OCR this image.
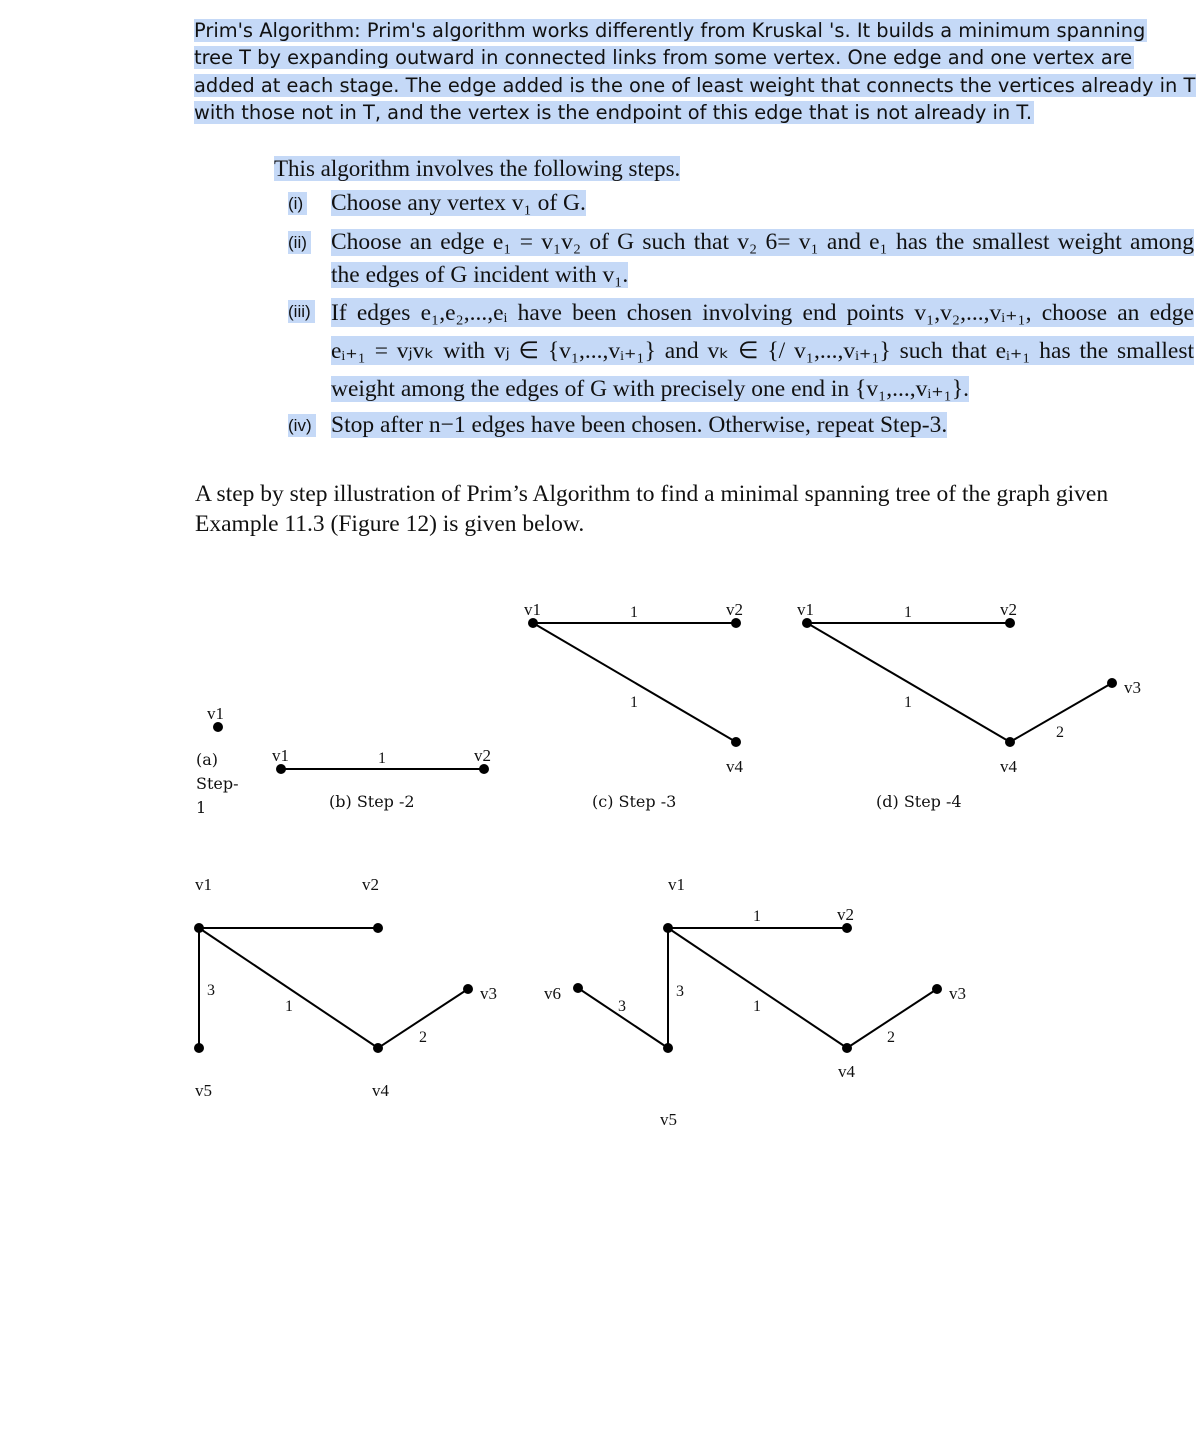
Prim's Algorithm: Prim's algorithm works differently from Kruskal 's. It builds a minimum spanning
tree T by expanding outward in connected links from some vertex. One edge and one vertex are
added at each stage. The edge added is the one of least weight that connects the vertices already in T
with those not in T, and the vertex is the endpoint of this edge that is not already in T.
This algorithm involves the following steps.
(i) Choose any vertex v₁ of G.
(ii) Choose an edge e₁ = v₁v₂ of G such that v₂ 6= v₁ and e₁ has the smallest weight among
the edges of G incident with v₁.
(iii) If edges e₁,e₂,...,eᵢ have been chosen involving end points v₁,v₂,...,vᵢ₊₁, choose an edge
eᵢ₊₁ = vⱼvₖ with vⱼ ∈ {v₁,...,vᵢ₊₁} and vₖ ∈ {/ v₁,...,vᵢ₊₁} such that eᵢ₊₁ has the smallest
weight among the edges of G with precisely one end in {v₁,...,vᵢ₊₁}.
(iv) Stop after n−1 edges have been chosen. Otherwise, repeat Step-3.
A step by step illustration of Prim’s Algorithm to find a minimal spanning tree of the graph given
Example 11.3 (Figure 12) is given below.
v1
(a)
Step-
1
v1	1	v2
(b) Step -2
v1	1	v2
1
v4
(c) Step -3
v1	1	v2
v3
1
2
v4
(d) Step -4
v1	v2
3
1
2
v3
v5	v4
v1
1	v2
v6
3
3
1
2
v3
v4
v5
